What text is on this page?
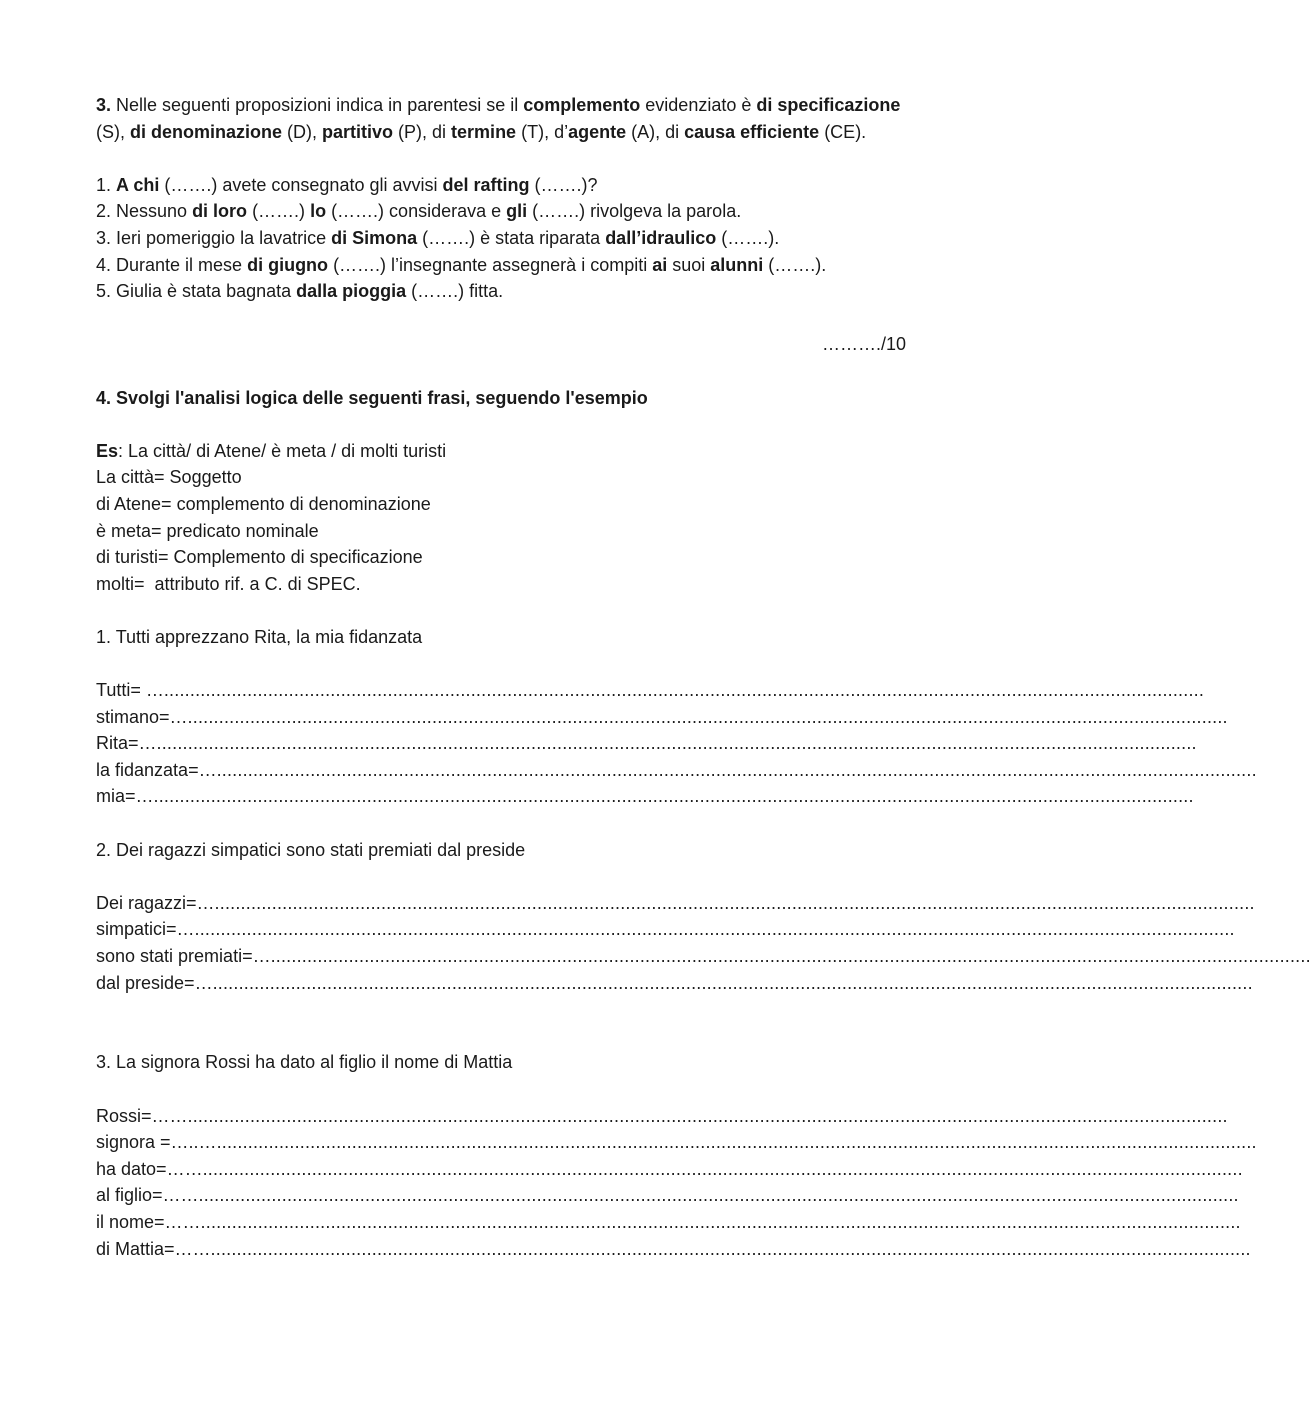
3. Nelle seguenti proposizioni indica in parentesi se il complemento evidenziato è di specificazione (S), di denominazione (D), partitivo (P), di termine (T), d’agente (A), di causa efficiente (CE).

1. A chi (…….) avete consegnato gli avvisi del rafting (…….)?

2. Nessuno di loro (…….) lo (…….) considerava e gli (…….) rivolgeva la parola.

3. Ieri pomeriggio la lavatrice di Simona (…….) è stata riparata dall’idraulico (…….).

4. Durante il mese di giugno (…….) l’insegnante assegnerà i compiti ai suoi alunni (…….).

5. Giulia è stata bagnata dalla pioggia (…….) fitta.

………./10

4. Svolgi l'analisi logica delle seguenti frasi, seguendo l'esempio

Es: La città/ di Atene/ è meta / di molti turisti

La città= Soggetto

di Atene= complemento di denominazione

è meta= predicato nominale

di turisti= Complemento di specificazione

molti=  attributo rif. a C. di SPEC.

1. Tutti apprezzano Rita, la mia fidanzata

Tutti= … ........................................................................................................................................................................................................
stimano=… ........................................................................................................................................................................................................
Rita=… ........................................................................................................................................................................................................
la fidanzata=… ........................................................................................................................................................................................................
mia=… ........................................................................................................................................................................................................

2. Dei ragazzi simpatici sono stati premiati dal preside

Dei ragazzi=… ........................................................................................................................................................................................................
simpatici=… ........................................................................................................................................................................................................
sono stati premiati=… ........................................................................................................................................................................................................
dal preside=… ........................................................................................................................................................................................................

3. La signora Rossi ha dato al figlio il nome di Mattia

Rossi=…… ........................................................................................................................................................................................................
signora =…..… ........................................................................................................................................................................................................
ha dato=…… ........................................................................................................................................................................................................
al figlio=…… ........................................................................................................................................................................................................
il nome=…… ........................................................................................................................................................................................................
di Mattia=…… ........................................................................................................................................................................................................
